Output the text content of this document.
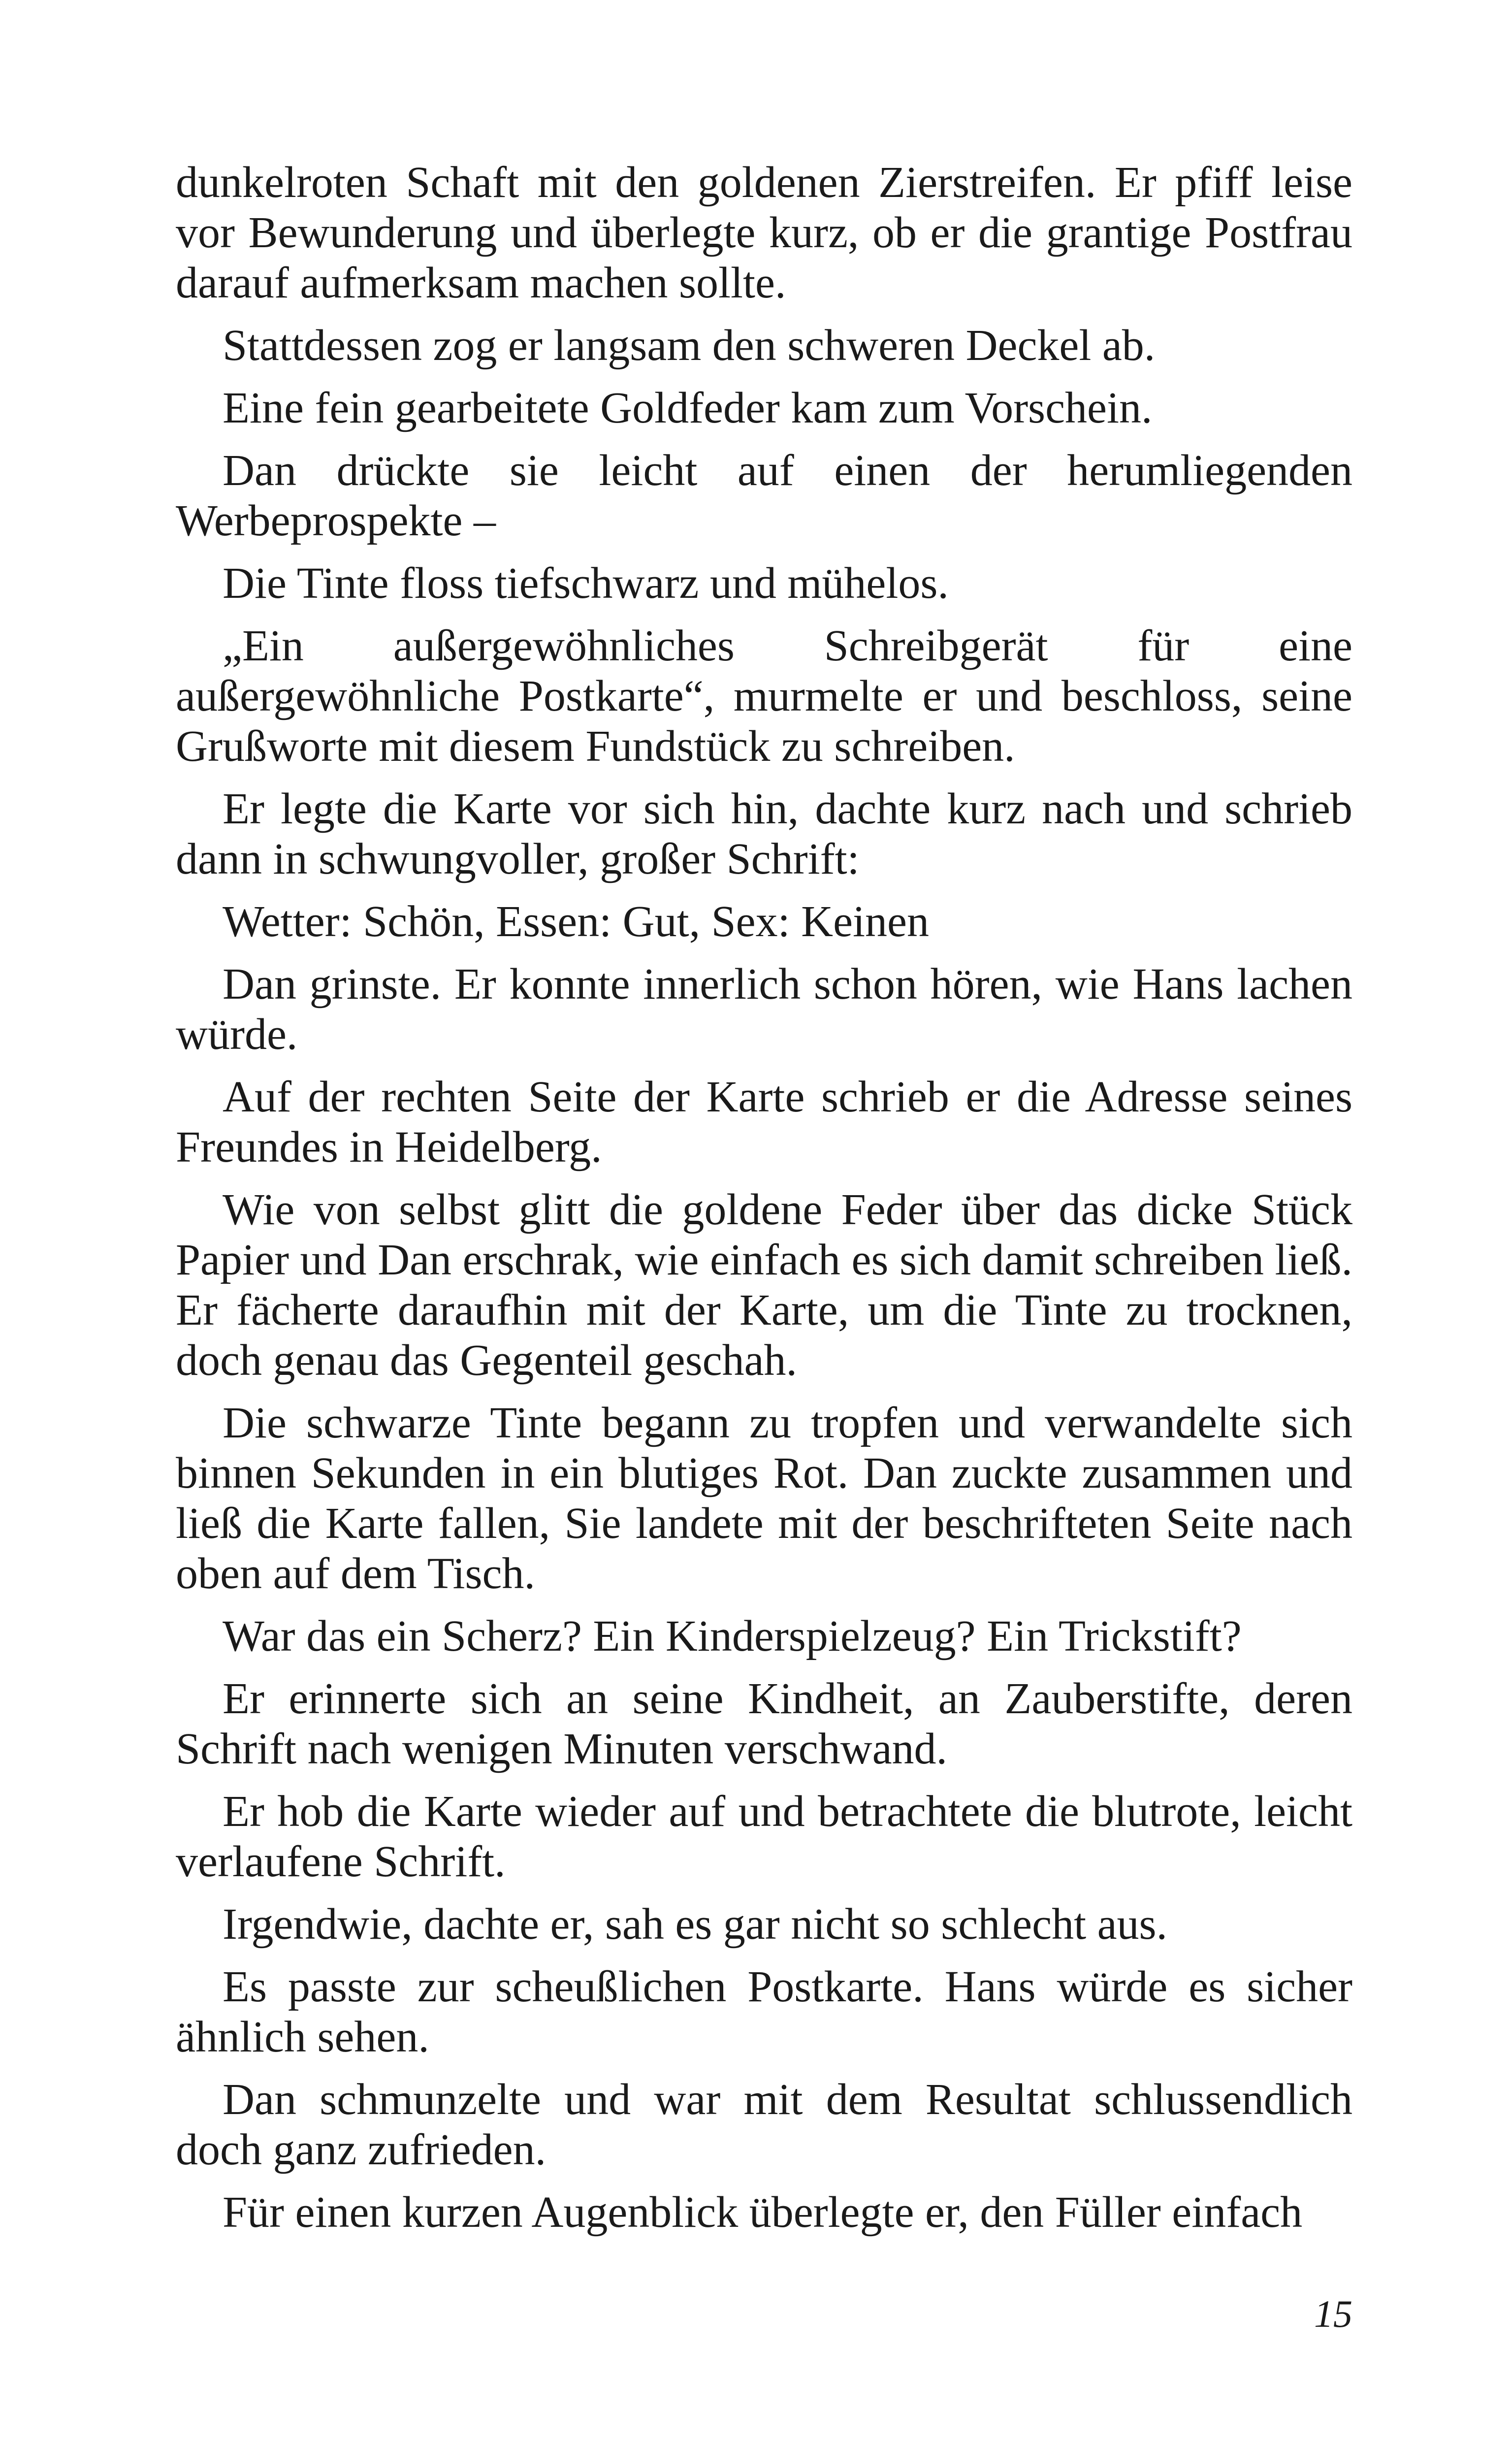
dunkelroten Schaft mit den goldenen Zierstreifen. Er pfiff leise vor Bewunderung und überlegte kurz, ob er die grantige Postfrau darauf aufmerksam machen sollte.

Stattdessen zog er langsam den schweren Deckel ab.

Eine fein gearbeitete Goldfeder kam zum Vorschein.

Dan drückte sie leicht auf einen der herumliegenden Werbeprospekte –

Die Tinte floss tiefschwarz und mühelos.

„Ein außergewöhnliches Schreibgerät für eine außergewöhnliche Postkarte“, murmelte er und beschloss, seine Grußworte mit diesem Fundstück zu schreiben.

Er legte die Karte vor sich hin, dachte kurz nach und schrieb dann in schwungvoller, großer Schrift:

Wetter: Schön, Essen: Gut, Sex: Keinen

Dan grinste. Er konnte innerlich schon hören, wie Hans lachen würde.

Auf der rechten Seite der Karte schrieb er die Adresse seines Freundes in Heidelberg.

Wie von selbst glitt die goldene Feder über das dicke Stück Papier und Dan erschrak, wie einfach es sich damit schreiben ließ. Er fächerte daraufhin mit der Karte, um die Tinte zu trocknen, doch genau das Gegenteil geschah.

Die schwarze Tinte begann zu tropfen und verwandelte sich binnen Sekunden in ein blutiges Rot. Dan zuckte zusammen und ließ die Karte fallen, Sie landete mit der beschrifteten Seite nach oben auf dem Tisch.

War das ein Scherz? Ein Kinderspielzeug? Ein Trickstift?

Er erinnerte sich an seine Kindheit, an Zauberstifte, deren Schrift nach wenigen Minuten verschwand.

Er hob die Karte wieder auf und betrachtete die blutrote, leicht verlaufene Schrift.

Irgendwie, dachte er, sah es gar nicht so schlecht aus.

Es passte zur scheußlichen Postkarte. Hans würde es sicher ähnlich sehen.

Dan schmunzelte und war mit dem Resultat schlussendlich doch ganz zufrieden.

Für einen kurzen Augenblick überlegte er, den Füller einfach

15
